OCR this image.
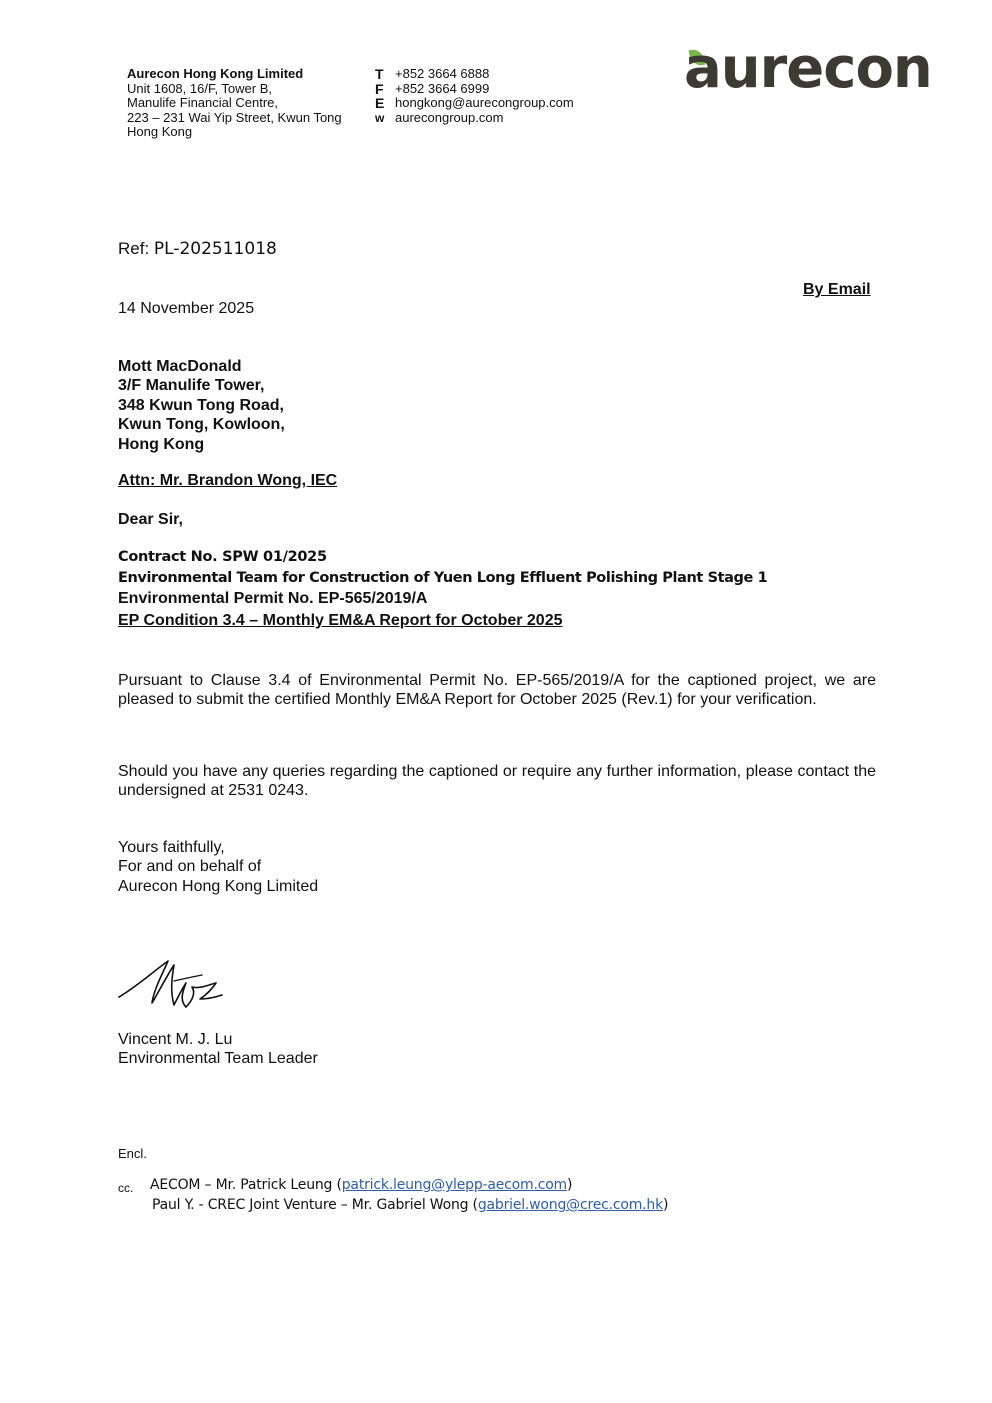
Aurecon Hong Kong Limited
Unit 1608, 16/F, Tower B,
Manulife Financial Centre,
223 – 231 Wai Yip Street, Kwun Tong
Hong Kong
T +852 3664 6888
F +852 3664 6999
E hongkong@aurecongroup.com
w aurecongroup.com
aurecon
Ref: PL-202511018
By Email
14 November 2025
Mott MacDonald
3/F Manulife Tower,
348 Kwun Tong Road,
Kwun Tong, Kowloon,
Hong Kong
Attn: Mr. Brandon Wong, IEC
Dear Sir,
Contract No. SPW 01/2025
Environmental Team for Construction of Yuen Long Effluent Polishing Plant Stage 1
Environmental Permit No. EP-565/2019/A
EP Condition 3.4 – Monthly EM&A Report for October 2025
Pursuant to Clause 3.4 of Environmental Permit No. EP-565/2019/A for the captioned project, we are pleased to submit the certified Monthly EM&A Report for October 2025 (Rev.1) for your verification.
Should you have any queries regarding the captioned or require any further information, please contact the undersigned at 2531 0243.
Yours faithfully,
For and on behalf of
Aurecon Hong Kong Limited
Vincent M. J. Lu
Environmental Team Leader
Encl.
cc. AECOM – Mr. Patrick Leung (patrick.leung@ylepp-aecom.com)
Paul Y. - CREC Joint Venture – Mr. Gabriel Wong (gabriel.wong@crec.com.hk)
